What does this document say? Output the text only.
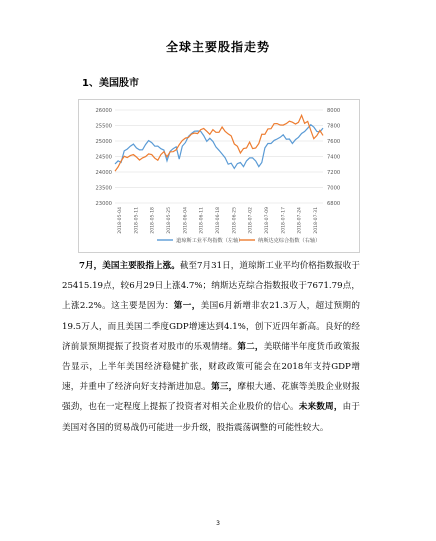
全球主要股指走势
1、美国股市
23000	6800
23500	7000
24000	7200
24500	7400
25000	7600
25500	7800
26000	8000
2018-05-04 2018-05-11 2018-05-18 2018-05-25 2018-06-04 2018-06-11 2018-06-18 2018-06-25 2018-07-02 2018-07-09 2018-07-17 2018-07-24 2018-07-31
道琼斯工业平均指数（左轴）	纳斯达克综合指数（右轴）
7月，美国主要股指上涨。截至7月31日，道琼斯工业平均价格指数报收于25415.19点，较6月29日上涨4.7%；纳斯达克综合指数报收于7671.79点，上涨2.2%。这主要是因为：第一，美国6月新增非农21.3万人，超过预期的19.5万人，而且美国二季度GDP增速达到4.1%，创下近四年新高。良好的经济前景预期提振了投资者对股市的乐观情绪。第二，美联储半年度货币政策报告显示，上半年美国经济稳健扩张，财政政策可能会在2018年支持GDP增速，并重申了经济向好支持渐进加息。第三，摩根大通、花旗等美股企业财报强劲，也在一定程度上提振了投资者对相关企业股价的信心。未来数周，由于美国对各国的贸易战仍可能进一步升级，股指震荡调整的可能性较大。
3
